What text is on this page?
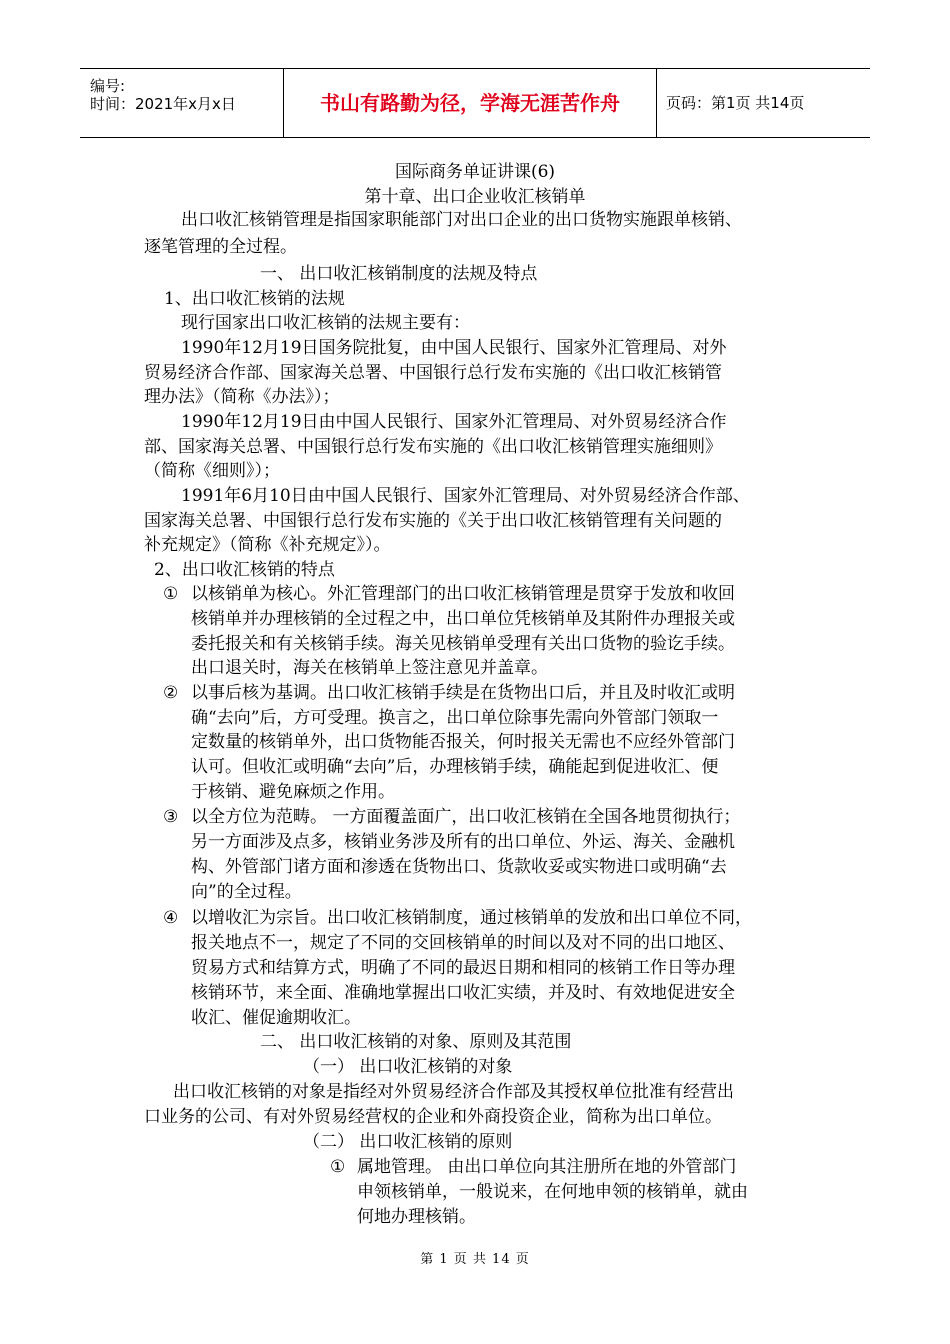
编号:
时间：2021年x月x日	书山有路勤为径，学海无涯苦作舟	页码：第1页 共14页
国际商务单证讲课(6)
第十章、出口企业收汇核销单
出口收汇核销管理是指国家职能部门对出口企业的出口货物实施跟单核销、
逐笔管理的全过程。
一、 出口收汇核销制度的法规及特点
1、出口收汇核销的法规
现行国家出口收汇核销的法规主要有：
1990年12月19日国务院批复，由中国人民银行、国家外汇管理局、对外
贸易经济合作部、国家海关总署、中国银行总行发布实施的《出口收汇核销管
理办法》（简称《办法》）；
1990年12月19日由中国人民银行、国家外汇管理局、对外贸易经济合作
部、国家海关总署、中国银行总行发布实施的《出口收汇核销管理实施细则》
（简称《细则》）；
1991年6月10日由中国人民银行、国家外汇管理局、对外贸易经济合作部、
国家海关总署、中国银行总行发布实施的《关于出口收汇核销管理有关问题的
补充规定》（简称《补充规定》）。
2、出口收汇核销的特点
① 以核销单为核心。外汇管理部门的出口收汇核销管理是贯穿于发放和收回
核销单并办理核销的全过程之中，出口单位凭核销单及其附件办理报关或
委托报关和有关核销手续。海关见核销单受理有关出口货物的验讫手续。
出口退关时，海关在核销单上签注意见并盖章。
② 以事后核为基调。出口收汇核销手续是在货物出口后，并且及时收汇或明
确“去向”后，方可受理。换言之，出口单位除事先需向外管部门领取一
定数量的核销单外，出口货物能否报关，何时报关无需也不应经外管部门
认可。但收汇或明确“去向”后，办理核销手续，确能起到促进收汇、便
于核销、避免麻烦之作用。
③ 以全方位为范畴。 一方面覆盖面广，出口收汇核销在全国各地贯彻执行；
另一方面涉及点多，核销业务涉及所有的出口单位、外运、海关、金融机
构、外管部门诸方面和渗透在货物出口、货款收妥或实物进口或明确“去
向”的全过程。
④ 以增收汇为宗旨。出口收汇核销制度，通过核销单的发放和出口单位不同，
报关地点不一，规定了不同的交回核销单的时间以及对不同的出口地区、
贸易方式和结算方式，明确了不同的最迟日期和相同的核销工作日等办理
核销环节，来全面、准确地掌握出口收汇实绩，并及时、有效地促进安全
收汇、催促逾期收汇。
二、 出口收汇核销的对象、原则及其范围
（一） 出口收汇核销的对象
出口收汇核销的对象是指经对外贸易经济合作部及其授权单位批准有经营出
口业务的公司、有对外贸易经营权的企业和外商投资企业，简称为出口单位。
（二） 出口收汇核销的原则
① 属地管理。 由出口单位向其注册所在地的外管部门
申领核销单，一般说来，在何地申领的核销单，就由
何地办理核销。
第 1 页 共 14 页
